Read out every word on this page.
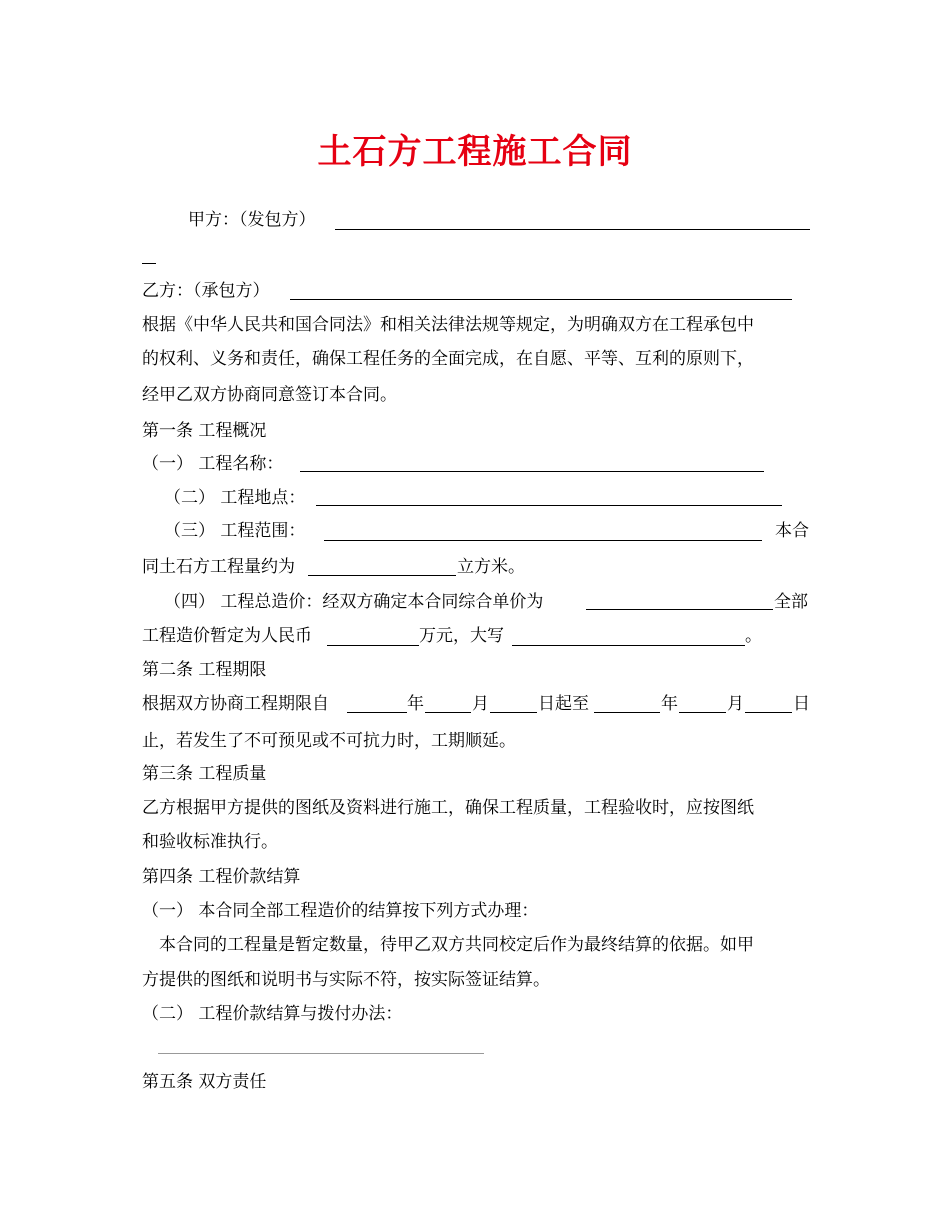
土石方工程施工合同
甲方：（发包方）
乙方：（承包方）
根据《中华人民共和国合同法》和相关法律法规等规定，为明确双方在工程承包中
的权利、义务和责任，确保工程任务的全面完成，在自愿、平等、互利的原则下，
经甲乙双方协商同意签订本合同。
第一条 工程概况
（一） 工程名称：
（二） 工程地点：
（三） 工程范围：	本合
同土石方工程量约为	立方米。
（四） 工程总造价：经双方确定本合同综合单价为	全部
工程造价暂定为人民币	万元，大写	。
第二条 工程期限
根据双方协商工程期限自	年	月	日起至	年	月	日
止，若发生了不可预见或不可抗力时，工期顺延。
第三条 工程质量
乙方根据甲方提供的图纸及资料进行施工，确保工程质量，工程验收时，应按图纸
和验收标准执行。
第四条 工程价款结算
（一） 本合同全部工程造价的结算按下列方式办理：
本合同的工程量是暂定数量，待甲乙双方共同校定后作为最终结算的依据。如甲
方提供的图纸和说明书与实际不符，按实际签证结算。
（二） 工程价款结算与拨付办法：
第五条 双方责任
